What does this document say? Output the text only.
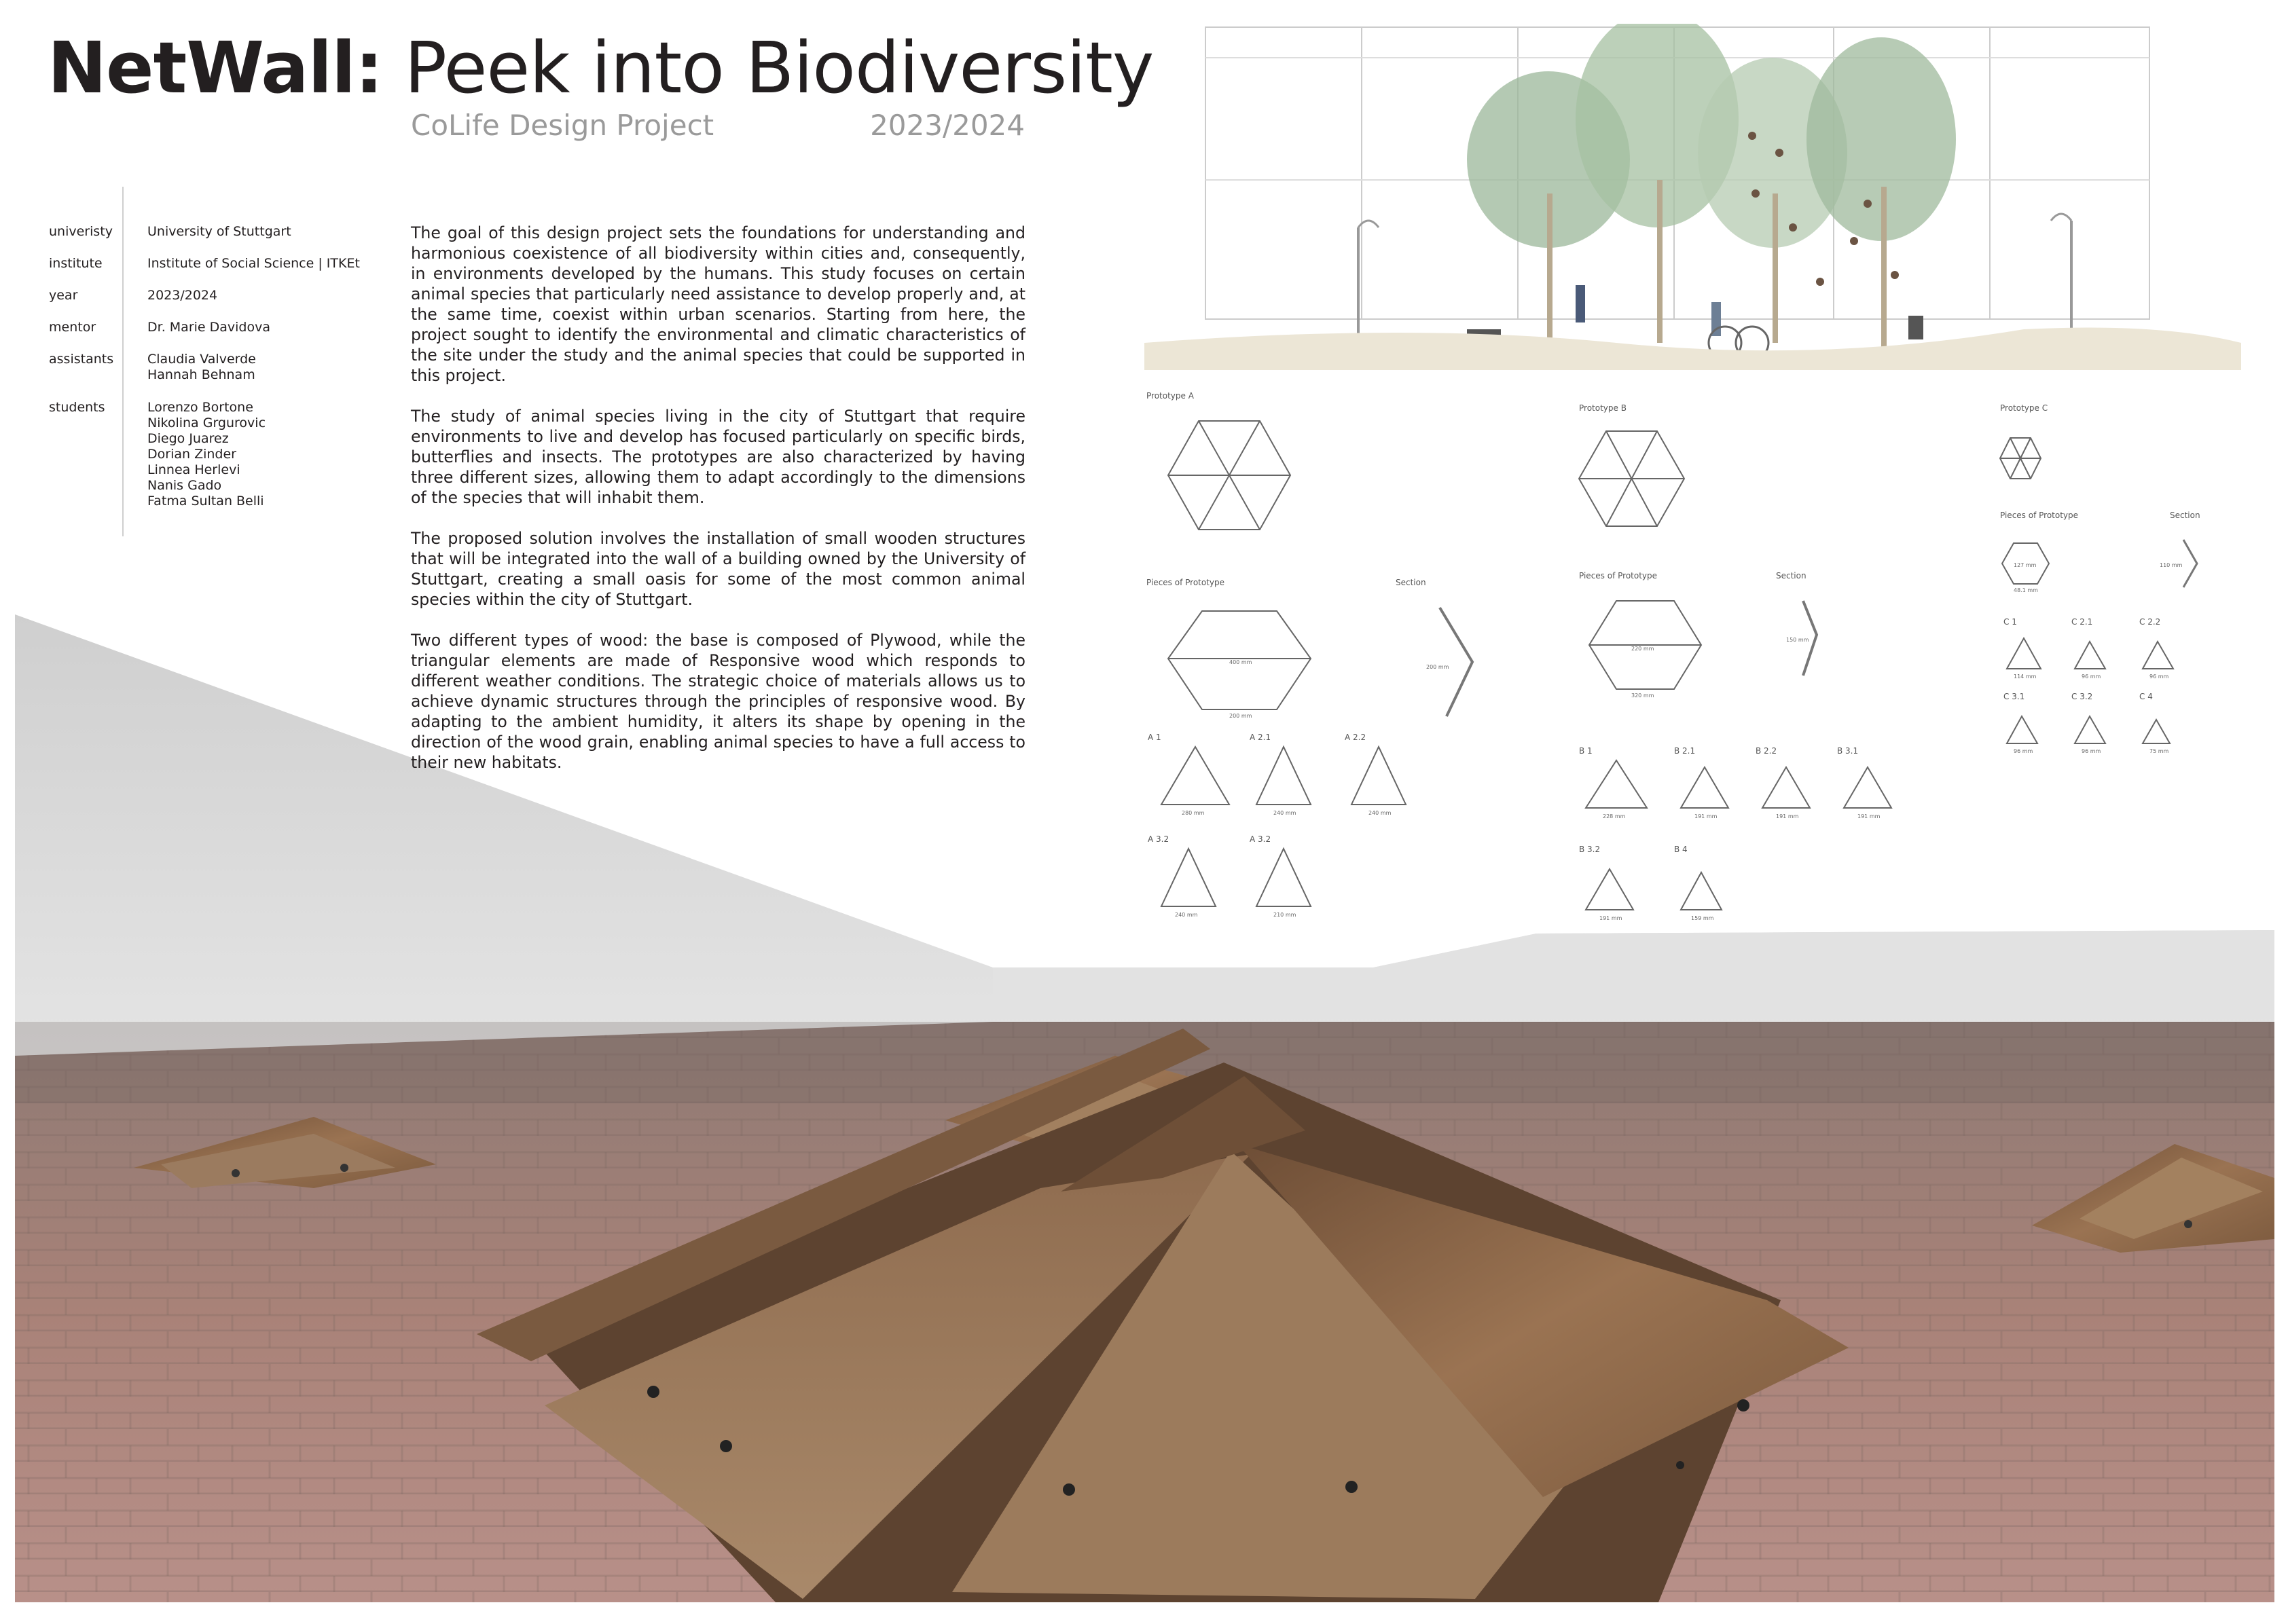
NetWall: Peek into Biodiversity
CoLife Design Project	2023/2024
univeristy	University of Stuttgart
institute	Institute of Social Science | ITKEt
year	2023/2024
mentor	Dr. Marie Davidova
assistants	Claudia Valverde
Hannah Behnam
students	Lorenzo Bortone
Nikolina Grgurovic
Diego Juarez
Dorian Zinder
Linnea Herlevi
Nanis Gado
Fatma Sultan Belli
Prototype A
Pieces of Prototype	Section
400 mm
200 mm
200 mm
A 1	A 2.1	A 2.2
280 mm	240 mm	240 mm
A 3.2	A 3.2
240 mm	210 mm
Prototype B
Pieces of Prototype	Section
220 mm
320 mm
150 mm
B 1	B 2.1	B 2.2	B 3.1
B 3.2	B 4
228 mm	191 mm	191 mm	191 mm
191 mm	159 mm
Prototype C
Pieces of Prototype	Section
127 mm
48.1 mm
110 mm
C 1	C 2.1	C 2.2
C 3.1	C 3.2	C 4
114 mm	96 mm	96 mm
96 mm	96 mm	75 mm

The goal of this design project sets the foundations for understanding and harmonious coexistence of all biodiversity within cities and, consequently, in environments developed by the humans. This study focuses on certain animal species that particularly need assistance to develop properly and, at the same time, coexist within urban scenarios. Starting from here, the project sought to identify the environmental and climatic characteristics of the site under the study and the animal species that could be supported in this project.

The study of animal species living in the city of Stuttgart that require environments to live and develop has focused particularly on specific birds, butterflies and insects. The prototypes are also characterized by having three different sizes, allowing them to adapt accordingly to the dimensions of the species that will inhabit them.

The proposed solution involves the installation of small wooden structures that will be integrated into the wall of a building owned by the University of Stuttgart, creating a small oasis for some of the most common animal species within the city of Stuttgart.

Two different types of wood: the base is composed of Plywood, while the triangular elements are made of Responsive wood which responds to different weather conditions. The strategic choice of materials allows us to achieve dynamic structures through the principles of responsive wood. By adapting to the ambient humidity, it alters its shape by opening in the direction of the wood grain, enabling animal species to have a full access to their new habitats.
